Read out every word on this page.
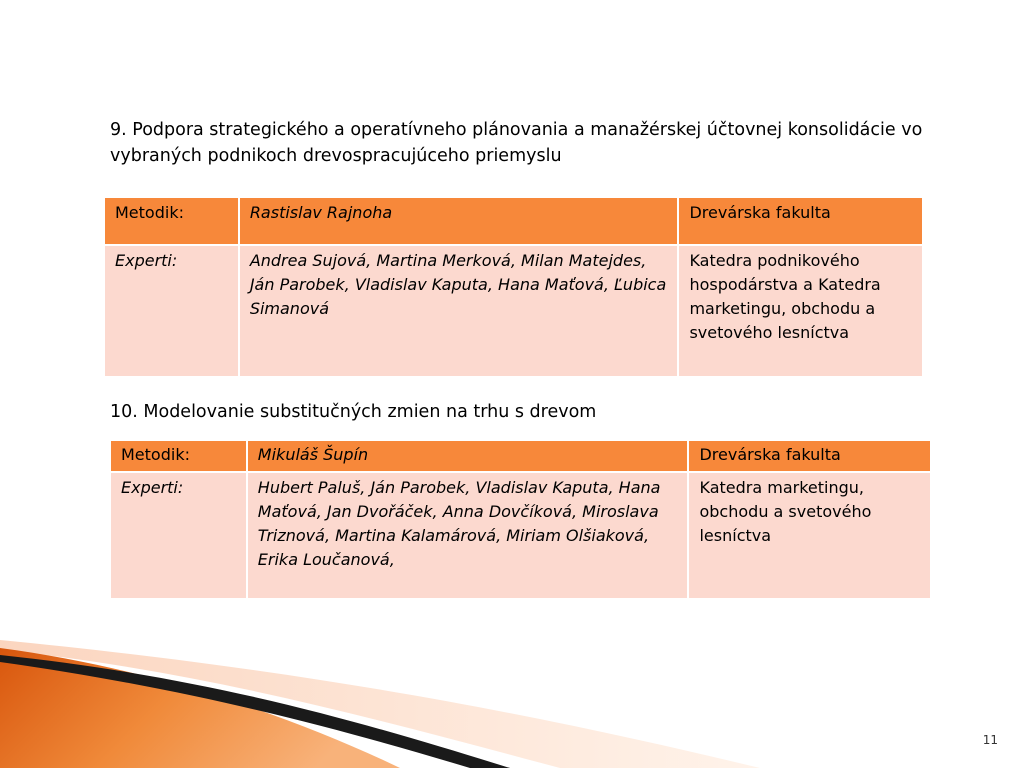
9. Podpora strategického a operatívneho plánovania a manažérskej účtovnej konsolidácie vo vybraných podnikoch drevospracujúceho priemyslu

Metodik:	Rastislav Rajnoha	Drevárska fakulta
Experti:	Andrea Sujová, Martina Merková, Milan Matejdes, Ján Parobek, Vladislav Kaputa, Hana Maťová, Ľubica Simanová	Katedra podnikového hospodárstva a Katedra marketingu, obchodu a svetového lesníctva

10. Modelovanie substitučných zmien na trhu s drevom

Metodik:	Mikuláš Šupín	Drevárska fakulta
Experti:	Hubert Paluš, Ján Parobek, Vladislav Kaputa, Hana Maťová, Jan Dvořáček, Anna Dovčíková, Miroslava Triznová, Martina Kalamárová, Miriam Olšiaková, Erika Loučanová,	Katedra marketingu, obchodu a svetového lesníctva
11
